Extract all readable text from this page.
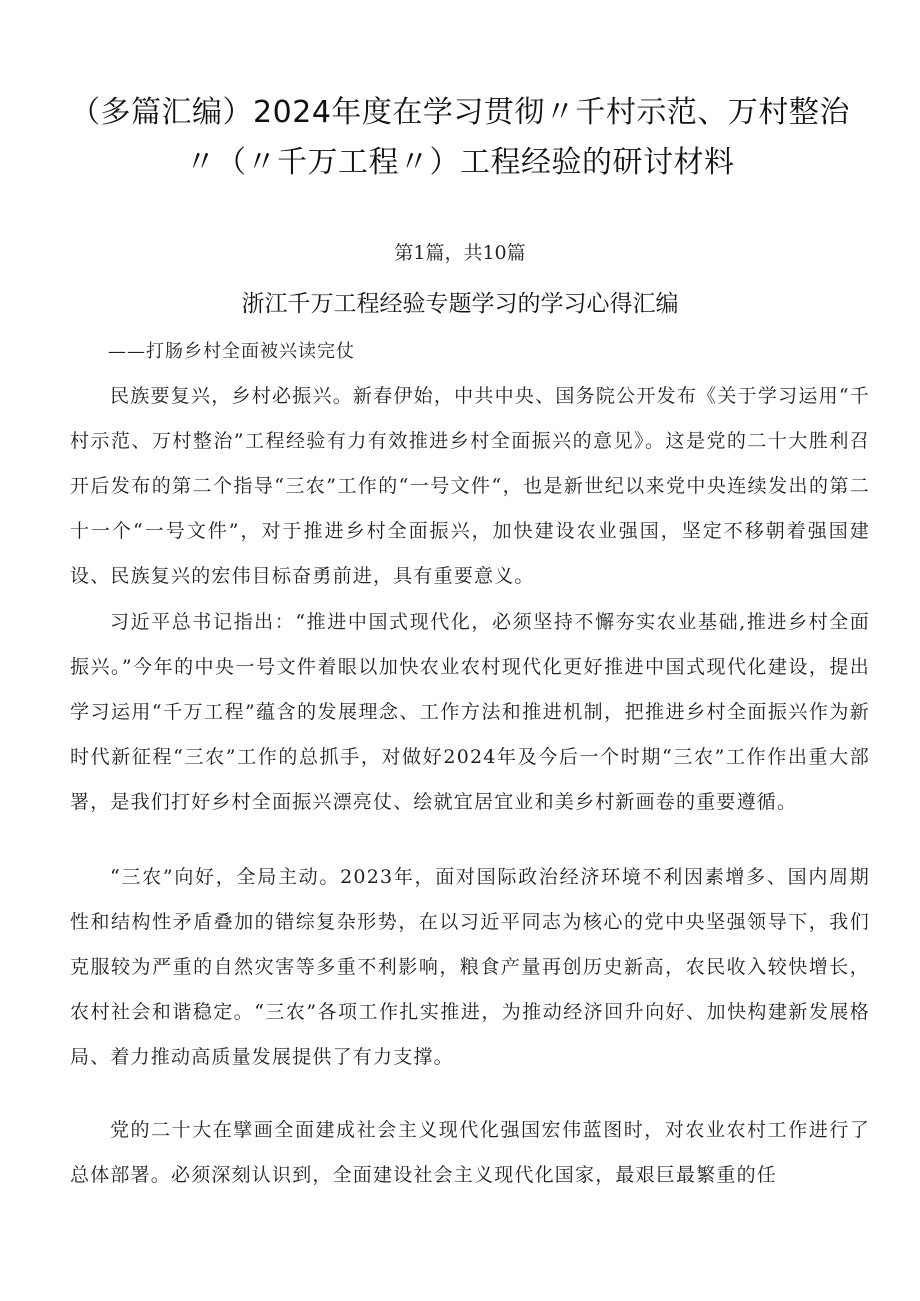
（多篇汇编）2024年度在学习贯彻〃千村示范、万村整治〃（〃千万工程〃）工程经验的研讨材料
第1篇，共10篇
浙江千万工程经验专题学习的学习心得汇编
——打肠乡村全面被兴读完仗

民族要复兴，乡村必振兴。新春伊始，中共中央、国务院公开发布《关于学习运用“千村示范、万村整治”工程经验有力有效推进乡村全面振兴的意见》。这是党的二十大胜利召开后发布的第二个指导“三农”工作的“一号文件“，也是新世纪以来党中央连续发出的第二十一个“一号文件”，对于推进乡村全面振兴，加快建设农业强国，坚定不移朝着强国建设、民族复兴的宏伟目标奋勇前进，具有重要意义。

习近平总书记指出：“推进中国式现代化，必须坚持不懈夯实农业基础,推进乡村全面振兴。”今年的中央一号文件着眼以加快农业农村现代化更好推进中国式现代化建设，提出学习运用“千万工程”蕴含的发展理念、工作方法和推进机制，把推进乡村全面振兴作为新时代新征程“三农”工作的总抓手，对做好2024年及今后一个时期“三农”工作作出重大部署，是我们打好乡村全面振兴漂亮仗、绘就宜居宜业和美乡村新画卷的重要遵循。

“三农”向好，全局主动。2023年，面对国际政治经济环境不利因素增多、国内周期性和结构性矛盾叠加的错综复杂形势，在以习近平同志为核心的党中央坚强领导下，我们克服较为严重的自然灾害等多重不利影响，粮食产量再创历史新高，农民收入较快增长，农村社会和谐稳定。“三农”各项工作扎实推进，为推动经济回升向好、加快构建新发展格局、着力推动高质量发展提供了有力支撑。

党的二十大在擘画全面建成社会主义现代化强国宏伟蓝图时，对农业农村工作进行了总体部署。必须深刻认识到，全面建设社会主义现代化国家，最艰巨最繁重的任
